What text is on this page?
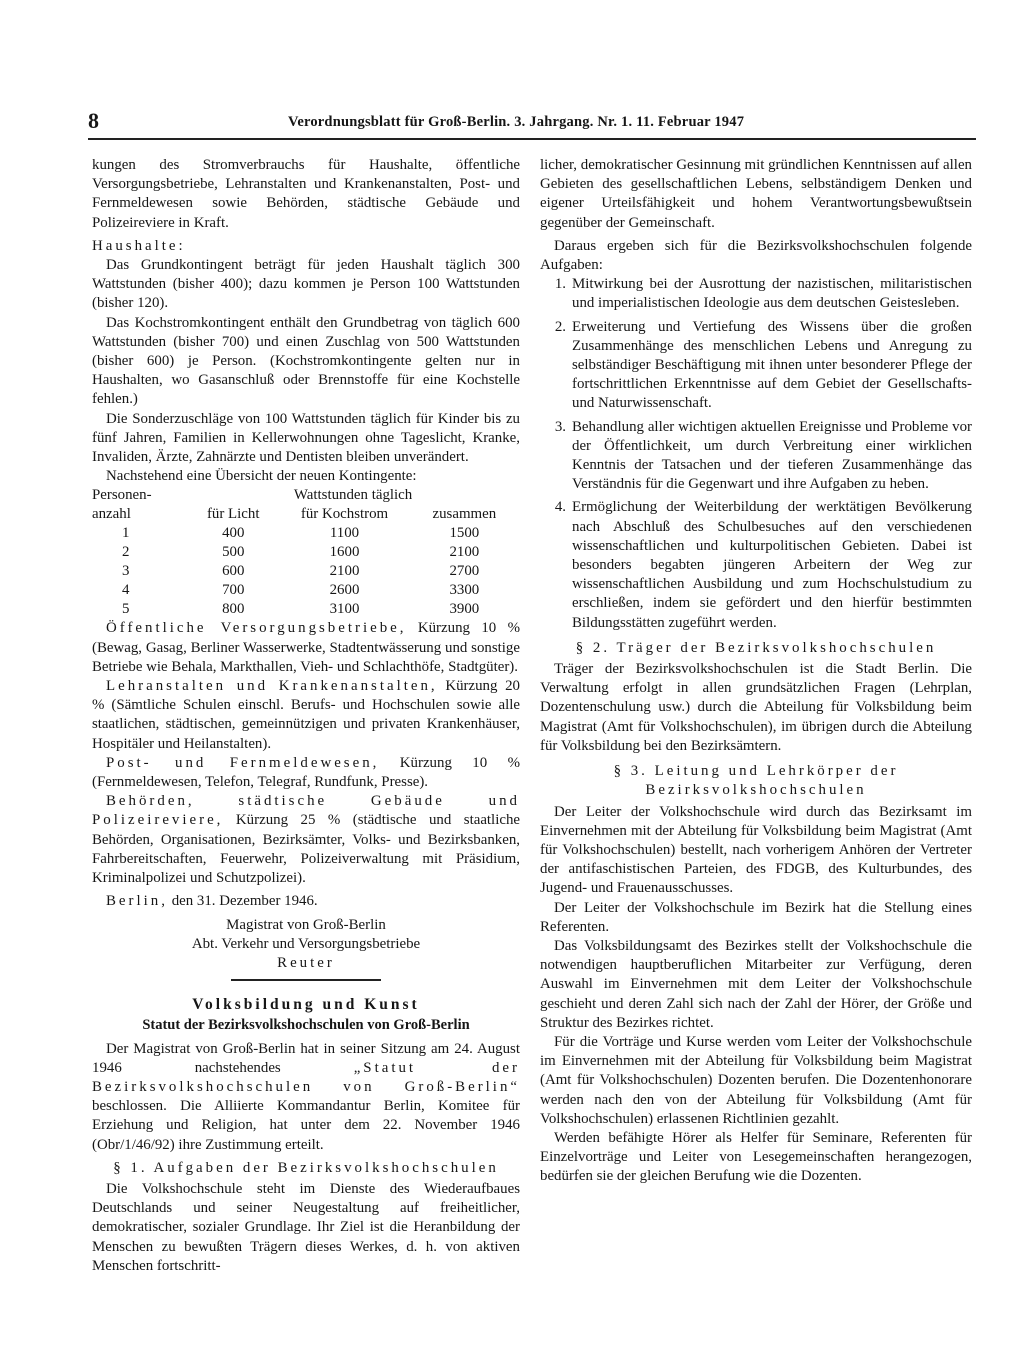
8	Verordnungsblatt für Groß-Berlin. 3. Jahrgang. Nr. 1. 11. Februar 1947

kungen des Stromverbrauchs für Haushalte, öffentliche Versorgungsbetriebe, Lehranstalten und Krankenanstalten, Post- und Fernmeldewesen sowie Behörden, städtische Gebäude und Polizeireviere in Kraft.

Haushalte:

Das Grundkontingent beträgt für jeden Haushalt täglich 300 Wattstunden (bisher 400); dazu kommen je Person 100 Wattstunden (bisher 120).

Das Kochstromkontingent enthält den Grundbetrag von täglich 600 Wattstunden (bisher 700) und einen Zuschlag von 500 Wattstunden (bisher 600) je Person. (Kochstromkontingente gelten nur in Haushalten, wo Gasanschluß oder Brennstoffe für eine Kochstelle fehlen.)

Die Sonderzuschläge von 100 Wattstunden täglich für Kinder bis zu fünf Jahren, Familien in Kellerwohnungen ohne Tageslicht, Kranke, Invaliden, Ärzte, Zahnärzte und Dentisten bleiben unverändert.

Nachstehend eine Übersicht der neuen Kontingente:

Personen-	Wattstunden täglich		
anzahl	für Licht	für Kochstrom	zusammen
1	400	1100	1500
2	500	1600	2100
3	600	2100	2700
4	700	2600	3300
5	800	3100	3900

Öffentliche Versorgungsbetriebe, Kürzung 10 % (Bewag, Gasag, Berliner Wasserwerke, Stadtentwässerung und sonstige Betriebe wie Behala, Markthallen, Vieh- und Schlachthöfe, Stadtgüter).

Lehranstalten und Krankenanstalten, Kürzung 20 % (Sämtliche Schulen einschl. Berufs- und Hochschulen sowie alle staatlichen, städtischen, gemeinnützigen und privaten Krankenhäuser, Hospitäler und Heilanstalten).

Post- und Fernmeldewesen, Kürzung 10 % (Fernmeldewesen, Telefon, Telegraf, Rundfunk, Presse).

Behörden, städtische Gebäude und Polizeireviere, Kürzung 25 % (städtische und staatliche Behörden, Organisationen, Bezirksämter, Volks- und Bezirksbanken, Fahrbereitschaften, Feuerwehr, Polizeiverwaltung mit Präsidium, Kriminalpolizei und Schutzpolizei).

Berlin, den 31. Dezember 1946.

Magistrat von Groß-Berlin

Abt. Verkehr und Versorgungsbetriebe

Reuter

Volksbildung und Kunst
Statut der Bezirksvolkshochschulen von Groß-Berlin

Der Magistrat von Groß-Berlin hat in seiner Sitzung am 24. August 1946 nachstehendes „Statut der Bezirksvolkshochschulen von Groß-Berlin“ beschlossen. Die Alliierte Kommandantur Berlin, Komitee für Erziehung und Religion, hat unter dem 22. November 1946 (Obr/1/46/92) ihre Zustimmung erteilt.

§ 1. Aufgaben der Bezirksvolkshochschulen

Die Volkshochschule steht im Dienste des Wiederaufbaues Deutschlands und seiner Neugestaltung auf freiheitlicher, demokratischer, sozialer Grundlage. Ihr Ziel ist die Heranbildung der Menschen zu bewußten Trägern dieses Werkes, d. h. von aktiven Menschen fortschritt-

licher, demokratischer Gesinnung mit gründlichen Kenntnissen auf allen Gebieten des gesellschaftlichen Lebens, selbständigem Denken und eigener Urteilsfähigkeit und hohem Verantwortungsbewußtsein gegenüber der Gemeinschaft.

Daraus ergeben sich für die Bezirksvolkshochschulen folgende Aufgaben:

1. Mitwirkung bei der Ausrottung der nazistischen, militaristischen und imperialistischen Ideologie aus dem deutschen Geistesleben.
2. Erweiterung und Vertiefung des Wissens über die großen Zusammenhänge des menschlichen Lebens und Anregung zu selbständiger Beschäftigung mit ihnen unter besonderer Pflege der fortschrittlichen Erkenntnisse auf dem Gebiet der Gesellschafts- und Naturwissenschaft.
3. Behandlung aller wichtigen aktuellen Ereignisse und Probleme vor der Öffentlichkeit, um durch Verbreitung einer wirklichen Kenntnis der Tatsachen und der tieferen Zusammenhänge das Verständnis für die Gegenwart und ihre Aufgaben zu heben.
4. Ermöglichung der Weiterbildung der werktätigen Bevölkerung nach Abschluß des Schulbesuches auf den verschiedenen wissenschaftlichen und kulturpolitischen Gebieten. Dabei ist besonders begabten jüngeren Arbeitern der Weg zur wissenschaftlichen Ausbildung und zum Hochschulstudium zu erschließen, indem sie gefördert und den hierfür bestimmten Bildungsstätten zugeführt werden.

§ 2. Träger der Bezirksvolkshochschulen

Träger der Bezirksvolkshochschulen ist die Stadt Berlin. Die Verwaltung erfolgt in allen grundsätzlichen Fragen (Lehrplan, Dozentenschulung usw.) durch die Abteilung für Volksbildung beim Magistrat (Amt für Volkshochschulen), im übrigen durch die Abteilung für Volksbildung bei den Bezirksämtern.

§ 3. Leitung und Lehrkörper der

Bezirksvolkshochschulen

Der Leiter der Volkshochschule wird durch das Bezirksamt im Einvernehmen mit der Abteilung für Volksbildung beim Magistrat (Amt für Volkshochschulen) bestellt, nach vorherigem Anhören der Vertreter der antifaschistischen Parteien, des FDGB, des Kulturbundes, des Jugend- und Frauenausschusses.

Der Leiter der Volkshochschule im Bezirk hat die Stellung eines Referenten.

Das Volksbildungsamt des Bezirkes stellt der Volkshochschule die notwendigen hauptberuflichen Mitarbeiter zur Verfügung, deren Auswahl im Einvernehmen mit dem Leiter der Volkshochschule geschieht und deren Zahl sich nach der Zahl der Hörer, der Größe und Struktur des Bezirkes richtet.

Für die Vorträge und Kurse werden vom Leiter der Volkshochschule im Einvernehmen mit der Abteilung für Volksbildung beim Magistrat (Amt für Volkshochschulen) Dozenten berufen. Die Dozentenhonorare werden nach den von der Abteilung für Volksbildung (Amt für Volkshochschulen) erlassenen Richtlinien gezahlt.

Werden befähigte Hörer als Helfer für Seminare, Referenten für Einzelvorträge und Leiter von Lesegemeinschaften herangezogen, bedürfen sie der gleichen Berufung wie die Dozenten.
